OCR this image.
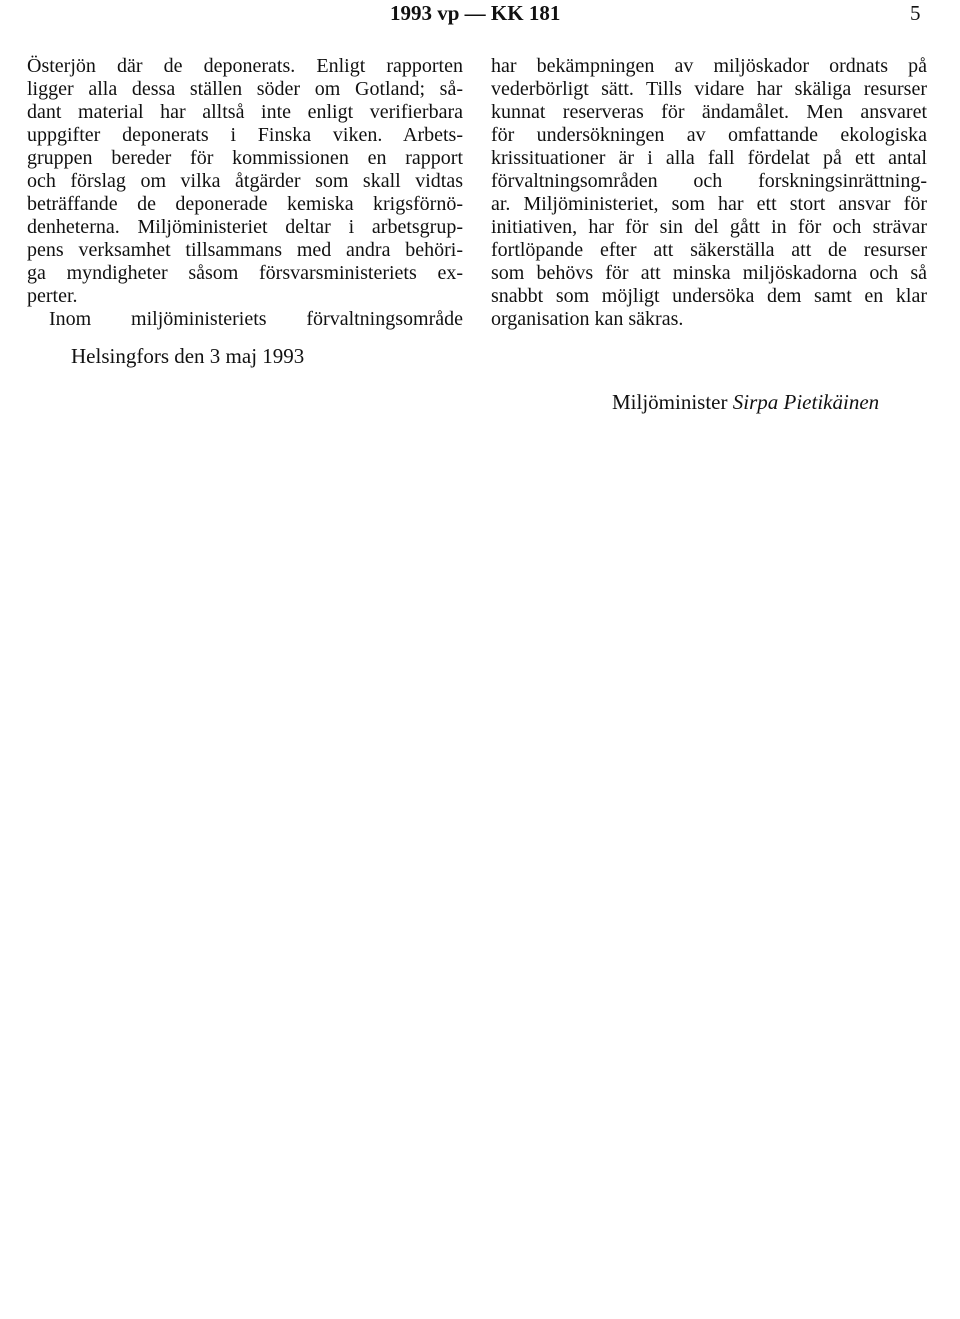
1993 vp — KK 181	5
Österjön där de deponerats. Enligt rapporten
ligger alla dessa ställen söder om Gotland; så-
dant material har alltså inte enligt verifierbara
uppgifter deponerats i Finska viken. Arbets-
gruppen bereder för kommissionen en rapport
och förslag om vilka åtgärder som skall vidtas
beträffande de deponerade kemiska krigsförnö-
denheterna. Miljöministeriet deltar i arbetsgrup-
pens verksamhet tillsammans med andra behöri-
ga myndigheter såsom försvarsministeriets ex-
perter.
Inom miljöministeriets förvaltningsområde
har bekämpningen av miljöskador ordnats på
vederbörligt sätt. Tills vidare har skäliga resurser
kunnat reserveras för ändamålet. Men ansvaret
för undersökningen av omfattande ekologiska
krissituationer är i alla fall fördelat på ett antal
förvaltningsområden och forskningsinrättning-
ar. Miljöministeriet, som har ett stort ansvar för
initiativen, har för sin del gått in för och strävar
fortlöpande efter att säkerställa att de resurser
som behövs för att minska miljöskadorna och så
snabbt som möjligt undersöka dem samt en klar
organisation kan säkras.
Helsingfors den 3 maj 1993
Miljöminister Sirpa Pietikäinen
